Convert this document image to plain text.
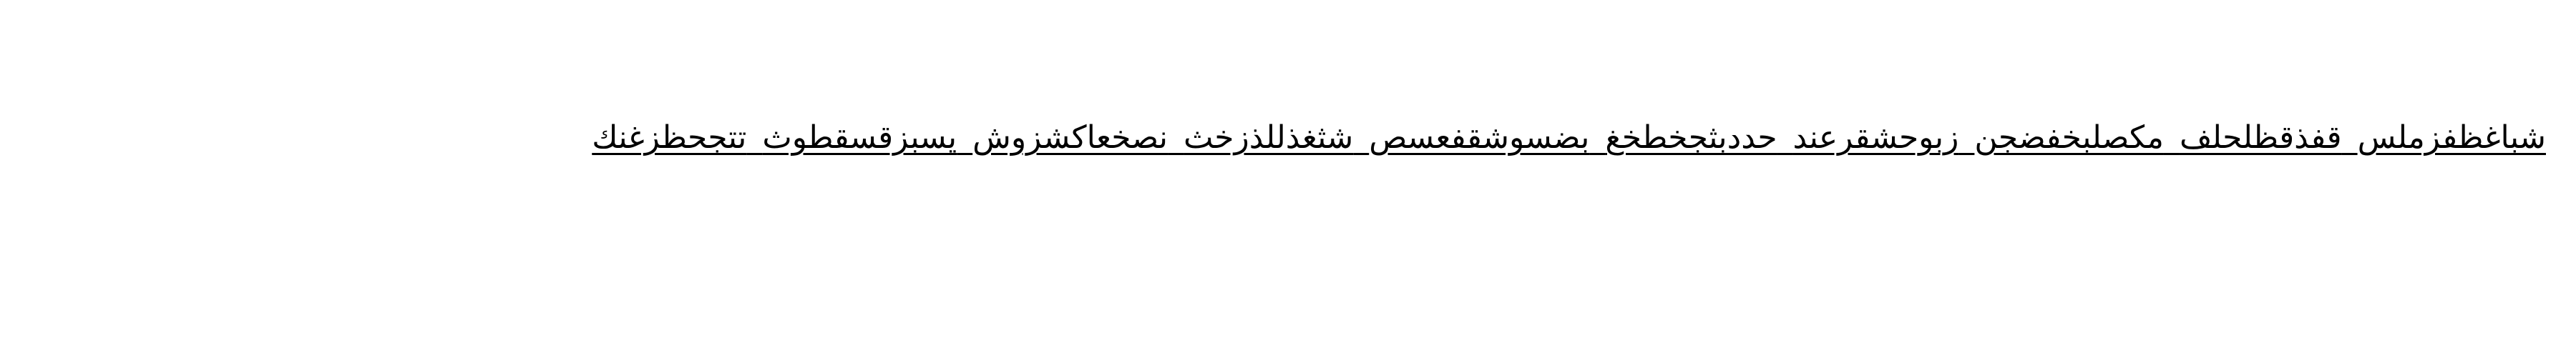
شباغظفزملس قفذقظلحلف مكصلبخفضجن زبوحشقرعند حددبثجخطخغ بضسوشقفعسص شثغذللذزخث نصخعاكشزوش يسبزقسقطوث تتجحظزغنك
